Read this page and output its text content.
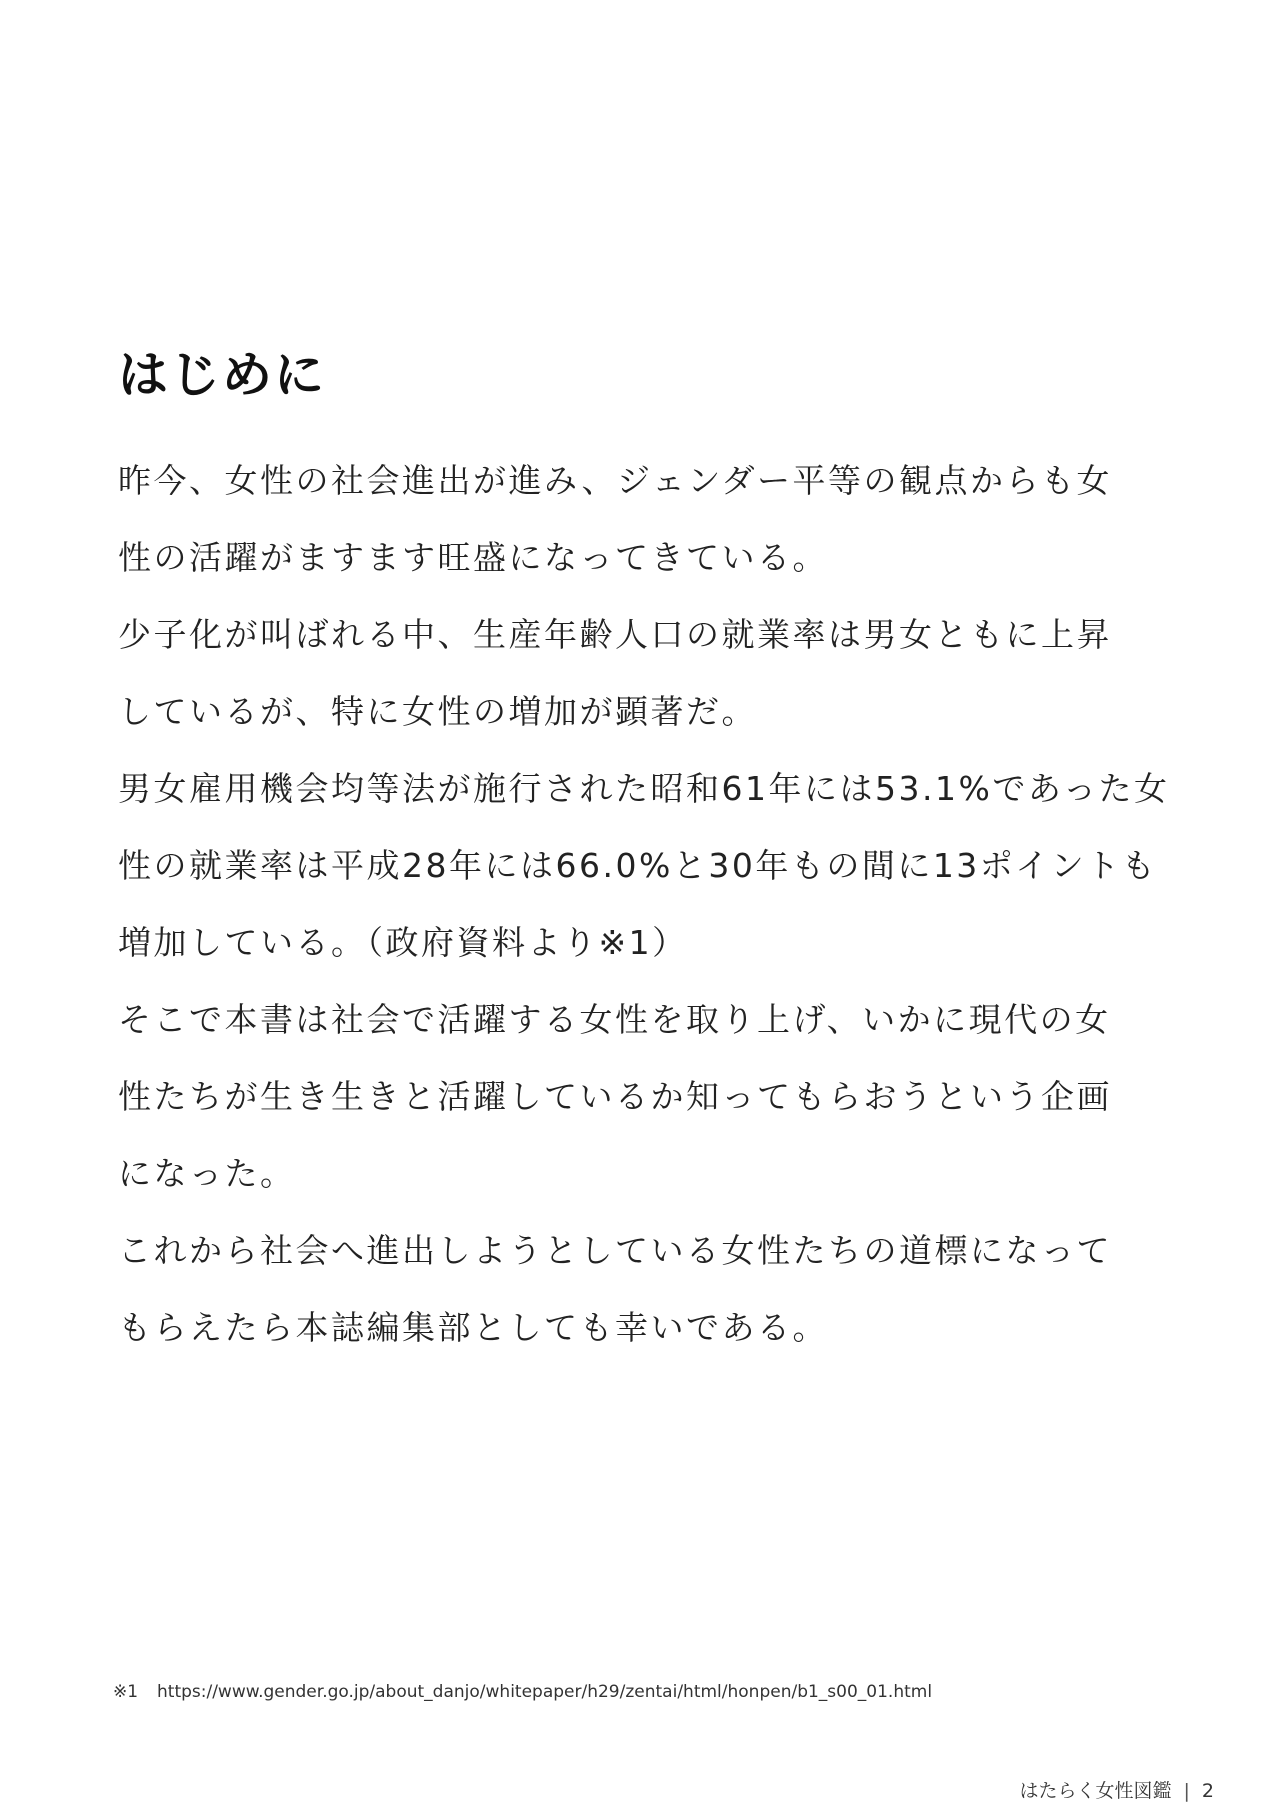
はじめに
昨今、女性の社会進出が進み、ジェンダー平等の観点からも女
性の活躍がますます旺盛になってきている。
少子化が叫ばれる中、生産年齢人口の就業率は男女ともに上昇
しているが、特に女性の増加が顕著だ。
男女雇用機会均等法が施行された昭和61年には53.1%であった女
性の就業率は平成28年には66.0%と30年もの間に13ポイントも
増加している。（政府資料より※1）
そこで本書は社会で活躍する女性を取り上げ、いかに現代の女
性たちが生き生きと活躍しているか知ってもらおうという企画
になった。
これから社会へ進出しようとしている女性たちの道標になって
もらえたら本誌編集部としても幸いである。
※1 https://www.gender.go.jp/about_danjo/whitepaper/h29/zentai/html/honpen/b1_s00_01.html
はたらく女性図鑑 | 2
